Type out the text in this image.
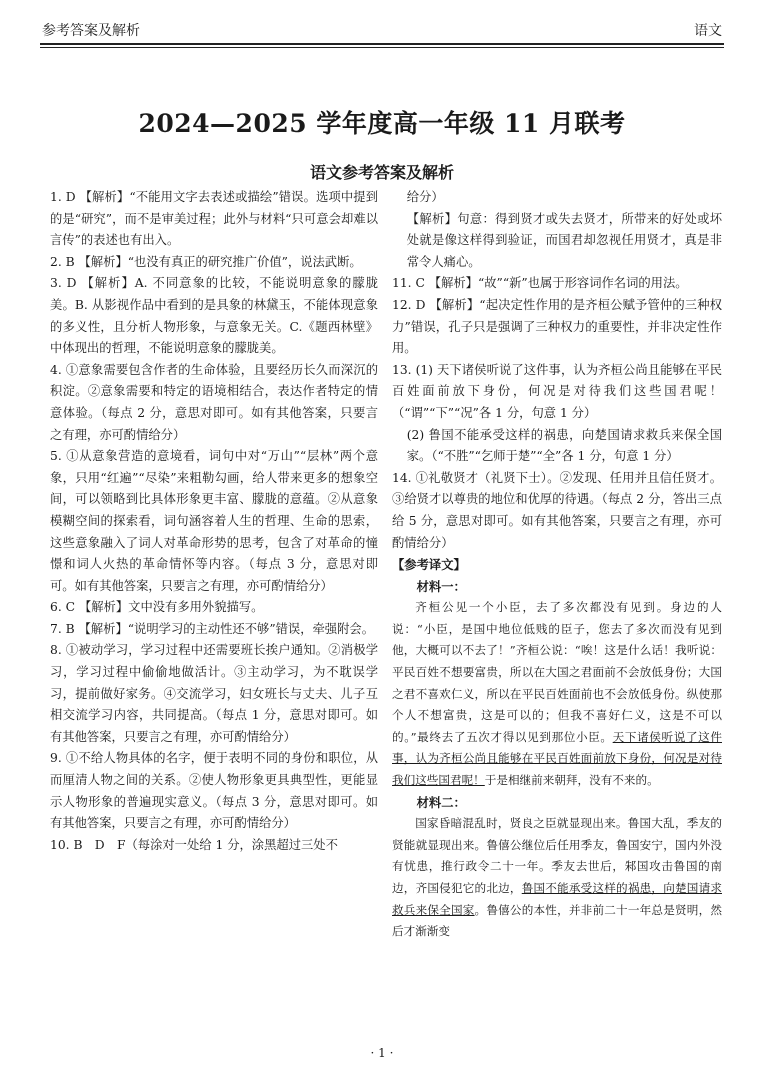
参考答案及解析	语文
2024—2025 学年度高一年级 11 月联考
语文参考答案及解析

1. D 【解析】“不能用文字去表述或描绘”错误。选项中提到的是“研究”，而不是审美过程；此外与材料“只可意会却难以言传”的表述也有出入。

2. B 【解析】“也没有真正的研究推广价值”，说法武断。

3. D 【解析】A. 不同意象的比较，不能说明意象的朦胧美。B. 从影视作品中看到的是具象的林黛玉，不能体现意象的多义性，且分析人物形象，与意象无关。C.《题西林壁》中体现出的哲理，不能说明意象的朦胧美。

4. ①意象需要包含作者的生命体验，且要经历长久而深沉的积淀。②意象需要和特定的语境相结合，表达作者特定的情意体验。（每点 2 分，意思对即可。如有其他答案，只要言之有理，亦可酌情给分）

5. ①从意象营造的意境看，词句中对“万山”“层林”两个意象，只用“红遍”“尽染”来粗勒勾画，给人带来更多的想象空间，可以领略到比具体形象更丰富、朦胧的意蕴。②从意象模糊空间的探索看，词句涵容着人生的哲理、生命的思索，这些意象融入了词人对革命形势的思考，包含了对革命的憧憬和词人火热的革命情怀等内容。（每点 3 分，意思对即可。如有其他答案，只要言之有理，亦可酌情给分）

6. C 【解析】文中没有多用外貌描写。

7. B 【解析】“说明学习的主动性还不够”错误，牵强附会。

8. ①被动学习，学习过程中还需要班长挨户通知。②消极学习，学习过程中偷偷地做活计。③主动学习，为不耽误学习，提前做好家务。④交流学习，妇女班长与丈夫、儿子互相交流学习内容，共同提高。（每点 1 分，意思对即可。如有其他答案，只要言之有理，亦可酌情给分）

9. ①不给人物具体的名字，便于表明不同的身份和职位，从而厘清人物之间的关系。②使人物形象更具典型性，更能显示人物形象的普遍现实意义。（每点 3 分，意思对即可。如有其他答案，只要言之有理，亦可酌情给分）

10. B　D　F（每涂对一处给 1 分，涂黑超过三处不

给分）

【解析】句意：得到贤才或失去贤才，所带来的好处或坏处就是像这样得到验证，而国君却忽视任用贤才，真是非常令人痛心。

11. C 【解析】“故”“新”也属于形容词作名词的用法。

12. D 【解析】“起决定性作用的是齐桓公赋予管仲的三种权力”错误，孔子只是强调了三种权力的重要性，并非决定性作用。

13. (1) 天下诸侯听说了这件事，认为齐桓公尚且能够在平民百姓面前放下身份，何况是对待我们这些国君呢！（“谓”“下”“况”各 1 分，句意 1 分）

(2) 鲁国不能承受这样的祸患，向楚国请求救兵来保全国家。（“不胜”“乞师于楚”“全”各 1 分，句意 1 分）

14. ①礼敬贤才（礼贤下士）。②发现、任用并且信任贤才。③给贤才以尊贵的地位和优厚的待遇。（每点 2 分，答出三点给 5 分，意思对即可。如有其他答案，只要言之有理，亦可酌情给分）

【参考译文】

材料一：

齐桓公见一个小臣，去了多次都没有见到。身边的人说：“小臣，是国中地位低贱的臣子，您去了多次而没有见到他，大概可以不去了！”齐桓公说：“唉！这是什么话！我听说：平民百姓不想要富贵，所以在大国之君面前不会放低身份；大国之君不喜欢仁义，所以在平民百姓面前也不会放低身份。纵使那个人不想富贵，这是可以的；但我不喜好仁义，这是不可以的。”最终去了五次才得以见到那位小臣。天下诸侯听说了这件事，认为齐桓公尚且能够在平民百姓面前放下身份，何况是对待我们这些国君呢！于是相继前来朝拜，没有不来的。

材料二：

国家昏暗混乱时，贤良之臣就显现出来。鲁国大乱，季友的贤能就显现出来。鲁僖公继位后任用季友，鲁国安宁，国内外没有忧患，推行政令二十一年。季友去世后，邾国攻击鲁国的南边，齐国侵犯它的北边，鲁国不能承受这样的祸患，向楚国请求救兵来保全国家。鲁僖公的本性，并非前二十一年总是贤明，然后才渐渐变

· 1 ·
